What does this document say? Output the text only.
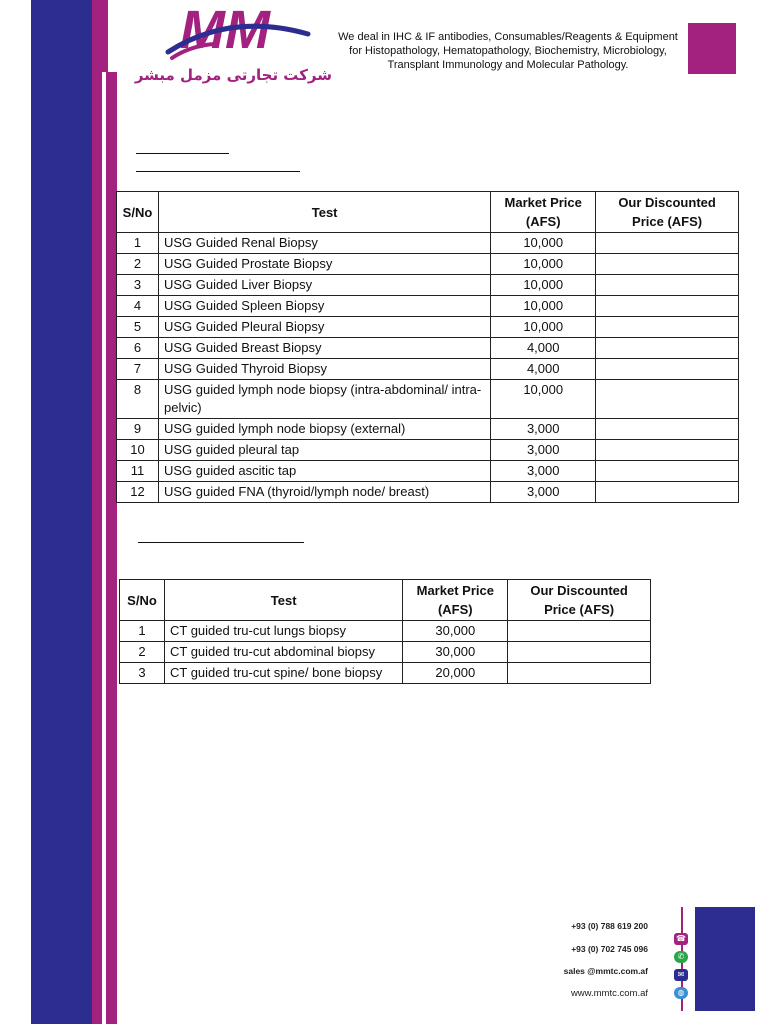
MM
شرکت تجارتی مزمل مبشر
We deal in IHC & IF antibodies, Consumables/Reagents & Equipment
for Histopathology, Hematopathology, Biochemistry, Microbiology,
Transplant Immunology and Molecular Pathology.
S/No	Test	Market Price (AFS)	Our Discounted Price (AFS)
1	USG Guided Renal Biopsy	10,000	
2	USG Guided Prostate Biopsy	10,000	
3	USG Guided Liver Biopsy	10,000	
4	USG Guided Spleen Biopsy	10,000	
5	USG Guided Pleural Biopsy	10,000	
6	USG Guided Breast Biopsy	4,000	
7	USG Guided Thyroid Biopsy	4,000	
8	USG guided lymph node biopsy (intra-abdominal/ intra-pelvic)	10,000	
9	USG guided lymph node biopsy (external)	3,000	
10	USG guided pleural tap	3,000	
11	USG guided ascitic tap	3,000	
12	USG guided FNA (thyroid/lymph node/ breast)	3,000	
S/No	Test	Market Price (AFS)	Our Discounted Price (AFS)
1	CT guided tru-cut lungs biopsy	30,000	
2	CT guided tru-cut abdominal biopsy	30,000	
3	CT guided tru-cut spine/ bone biopsy	20,000	
+93 (0) 788 619 200
+93 (0) 702 745 096
sales @mmtc.com.af
www.mmtc.com.af
☎
✆
✉
◍
